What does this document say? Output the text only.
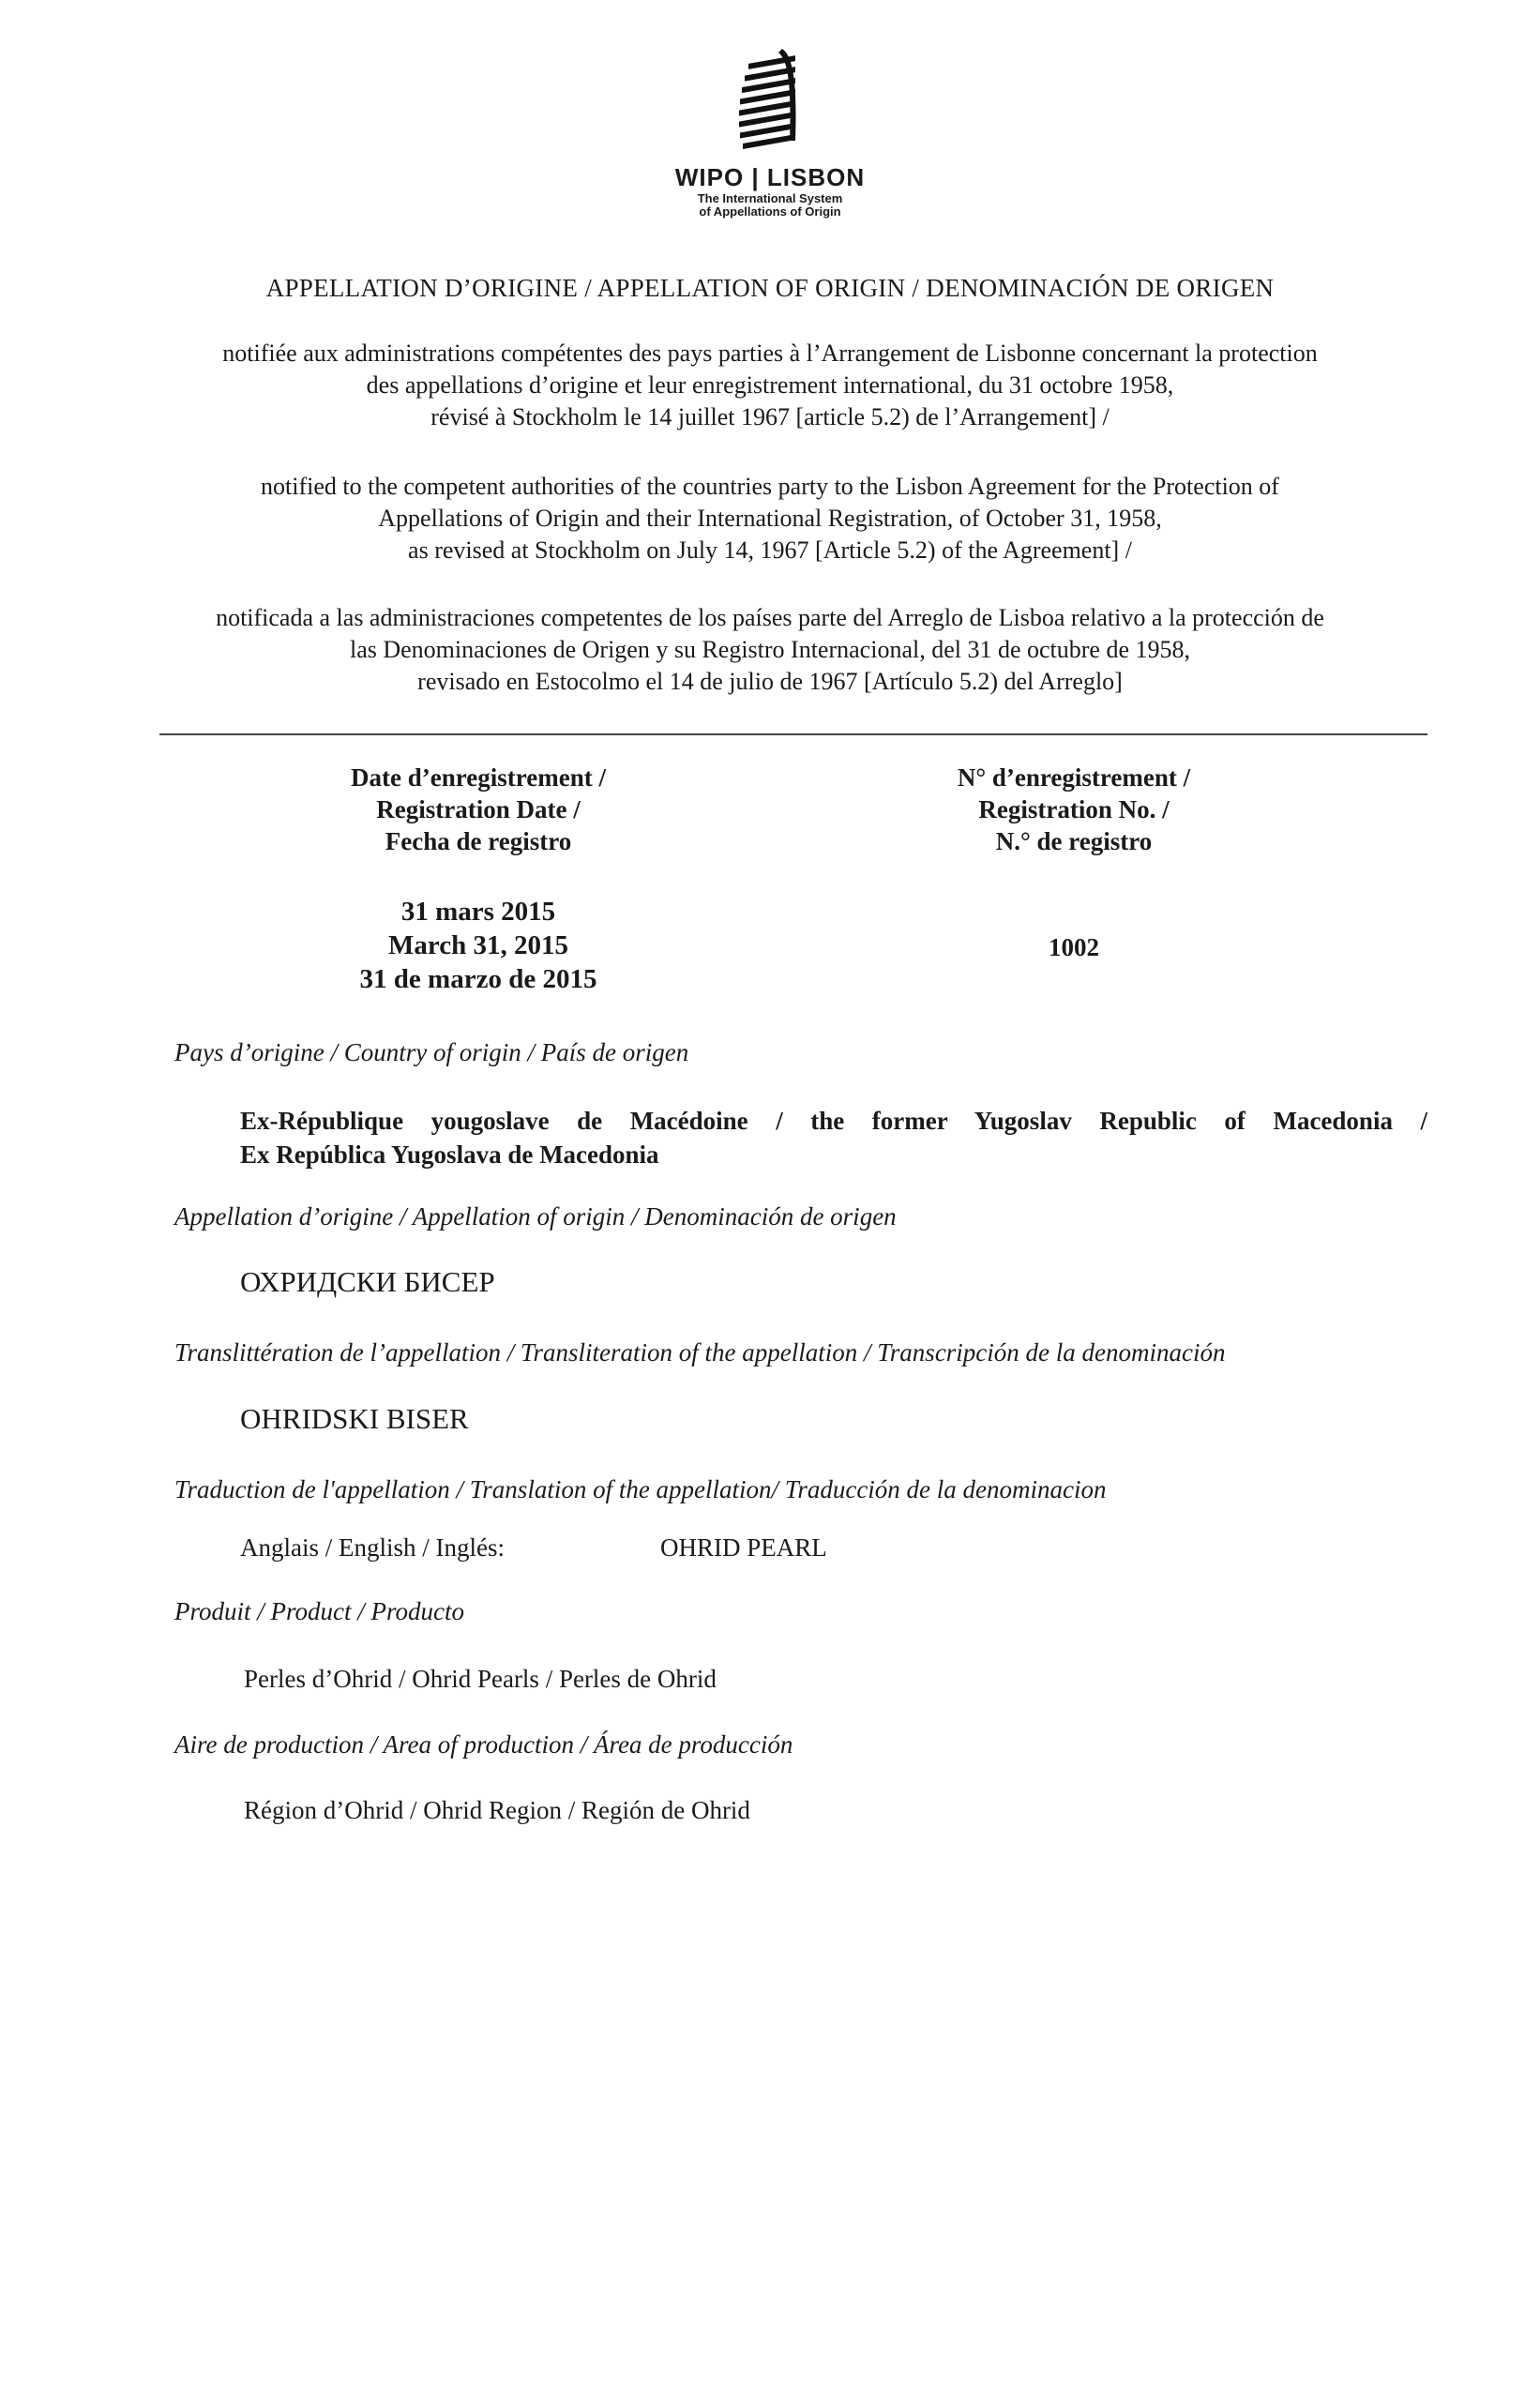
WIPO | LISBON
The International System
of Appellations of Origin
APPELLATION D’ORIGINE / APPELLATION OF ORIGIN / DENOMINACIÓN DE ORIGEN
notifiée aux administrations compétentes des pays parties à l’Arrangement de Lisbonne concernant la protection
des appellations d’origine et leur enregistrement international, du 31 octobre 1958,
révisé à Stockholm le 14 juillet 1967 [article 5.2) de l’Arrangement] /
notified to the competent authorities of the countries party to the Lisbon Agreement for the Protection of
Appellations of Origin and their International Registration, of October 31, 1958,
as revised at Stockholm on July 14, 1967 [Article 5.2) of the Agreement] /
notificada a las administraciones competentes de los países parte del Arreglo de Lisboa relativo a la protección de
las Denominaciones de Origen y su Registro Internacional, del 31 de octubre de 1958,
revisado en Estocolmo el 14 de julio de 1967 [Artículo 5.2) del Arreglo]
Date d’enregistrement /
Registration Date /
Fecha de registro
31 mars 2015
March 31, 2015
31 de marzo de 2015
N° d’enregistrement /
Registration No. /
N.° de registro
1002
Pays d’origine / Country of origin / País de origen
Ex-République yougoslave de Macédoine / the former Yugoslav Republic of Macedonia /
Ex República Yugoslava de Macedonia
Appellation d’origine / Appellation of origin / Denominación de origen
ОХРИДСКИ БИСЕР
Translittération de l’appellation / Transliteration of the appellation / Transcripción de la denominación
OHRIDSKI BISER
Traduction de l'appellation / Translation of the appellation/ Traducción de la denominacion
Anglais / English / Inglés:	OHRID PEARL
Produit / Product / Producto
Perles d’Ohrid / Ohrid Pearls / Perles de Ohrid
Aire de production / Area of production / Área de producción
Région d’Ohrid / Ohrid Region / Región de Ohrid
